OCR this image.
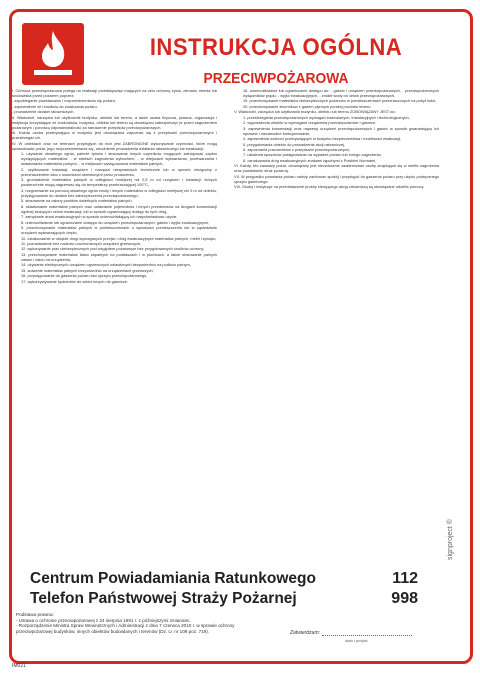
INSTRUKCJA OGÓLNA
PRZECIWPOŻAROWA
I. Ochrona przeciwpożarowa polega na realizacji przedsięwzięć mających na celu ochronę życia, zdrowia, mienia lub środowiska przed pożarem poprzez:
- zapobieganie powstawaniu i rozprzestrzenianiu się pożaru,
- zapewnienie sił i środków do zwalczania pożaru,
- prowadzenie działań ratowniczych.
II. Właściciel, zarządca lub użytkownik budynku, obiektu lub terenu, a także osoba fizyczna, prawna, organizacja i instytucja korzystające ze środowiska, budynku, obiektu lub terenu są obowiązani zabezpieczyć je przed zagrożeniem pożarowym i ponoszą odpowiedzialność za naruszenie przepisów przeciwpożarowych.
III. Każda osoba przebywająca w budynku jest obowiązana zapoznać się z przepisami przeciwpożarowymi i przestrzegać ich.
IV. W obiektach oraz na terenach przyległych do nich jest ZABRONIONE wykonywanie czynności, które mogą spowodować pożar, jego rozprzestrzenianie się, utrudnienie prowadzenia działania ratowniczego lub ewakuacji:
1. używanie otwartego ognia, palenie tytoniu i stosowanie innych czynników mogących zainicjować zapłon występujących materiałów: - w strefach zagrożenia wybuchem, - w miejscach wytwarzania, przetwarzania i składowania materiałów palnych, - w miejscach występowania materiałów palnych,
2. użytkowanie instalacji, urządzeń i narzędzi niesprawnych technicznie lub w sposób niezgodny z przeznaczeniem albo z warunkami określonymi przez producenta,
3. gromadzenie materiałów palnych w odległości mniejszej niż 0,5 m od urządzeń i instalacji, których powierzchnie mogą nagrzewać się do temperatury przekraczającej 100°C,
4. rozgrzewanie za pomocą otwartego ognia smoły i innych materiałów w odległości mniejszej niż 5 m od obiektu, przystępowanie do działań bez zabezpieczenia przeciwpożarowego,
5. stosowanie na osłony punktów świetlnych materiałów palnych,
6. składowanie materiałów palnych oraz ustawianie pojemników i innych przedmiotów na drogach komunikacji ogólnej służących celom ewakuacji, lub w sposób ograniczający dostęp do tych dróg,
7. zamykanie drzwi ewakuacyjnych w sposób uniemożliwiający ich natychmiastowe użycie,
8. uniemożliwianie lub ograniczanie dostępu do urządzeń przeciwpożarowych, gaśnic i wyjść ewakuacyjnych,
9. przechowywanie materiałów palnych w pomieszczeniach o wysokości pomieszczenia lub w sąsiedztwie urządzeń wytwarzających ciepło,
10. lokalizowanie w obrębie drogi wymaganych przejść i dróg ewakuacyjnych materiałów palnych, mebli i sprzętu,
11. pozostawianie bez nadzoru uruchomionych urządzeń grzewczych,
12. wykonywanie prac niebezpiecznych pod względem pożarowym bez przygotowanych środków ochrony,
13. przechowywanie materiałów łatwo zapalnych na poddaszach i w piwnicach, a także stosowanie palnych zasłon i osłon na urządzenia,
14. używanie elektrycznych urządzeń ogrzewczych ustawionych bezpośrednio na podłożu palnym,
15. suszenie materiałów palnych bezpośrednio na urządzeniach grzewczych,
16. przystępowanie do gaszenia pożaru bez sprzętu przeciwpożarowego,
17. wykorzystywanie hydrantów do celów innych niż gaśnicze.
18. uniemożliwianie lub ograniczanie dostępu do: - gaśnic i urządzeń przeciwpożarowych, - przeciwpożarowych wyłączników prądu, - wyjść ewakuacyjnych, - źródeł wody do celów przeciwpożarowych,
19. przechowywanie materiałów niebezpiecznych pożarowo w pomieszczeniach przeznaczonych na pobyt ludzi,
20. przechowywanie zbiorników z gazem płynnym poniżej poziomu terenu.
V. Właściciel, zarządca lub użytkownik budynku, obiektu lub terenu ZOBOWIĄZANY JEST do:
1. przestrzegania przeciwpożarowych wymagań budowlanych, instalacyjnych i technologicznych,
2. wyposażenia obiektu w wymagane urządzenia przeciwpożarowe i gaśnice,
3. zapewnienia konserwacji oraz naprawy urządzeń przeciwpożarowych i gaśnic w sposób gwarantujący ich sprawne i niezawodne funkcjonowanie,
4. zapewnienia osobom przebywającym w budynku bezpieczeństwa i możliwości ewakuacji,
5. przygotowania obiektu do prowadzenia akcji ratowniczej,
6. zapoznania pracowników z przepisami przeciwpożarowymi,
7. ustalenia sposobów postępowania na wypadek pożaru lub innego zagrożenia,
8. oznakowania dróg ewakuacyjnych znakami zgodnymi z Polskimi Normami,
VI. Każdy, kto zauważy pożar, obowiązany jest niezwłocznie zaalarmować osoby znajdujące się w strefie zagrożenia oraz powiadomić straż pożarną.
VII. W przypadku powstania pożaru należy zachować spokój i przystąpić do gaszenia pożaru przy użyciu podręcznego sprzętu gaśniczego.
VIII. Osoby i instytucje na przedstawione prośby kierującego akcją ratowniczą są obowiązane udzielić pomocy.
Centrum Powiadamiania Ratunkowego	112
Telefon Państwowej Straży Pożarnej	998
Podstawa prawna:
- Ustawa o ochronie przeciwpożarowej z 24 sierpnia 1991 r. z późniejszymi zmianami,
- Rozporządzenie Ministra Spraw Wewnętrznych i Administracji z dnia 7 czerwca 2010 r. w sprawie ochrony przeciwpożarowej budynków, innych obiektów budowlanych i terenów (Dz. U. nr 109 poz. 719).	Zatwierdzam:
data i podpis
signproject ®
IM021
